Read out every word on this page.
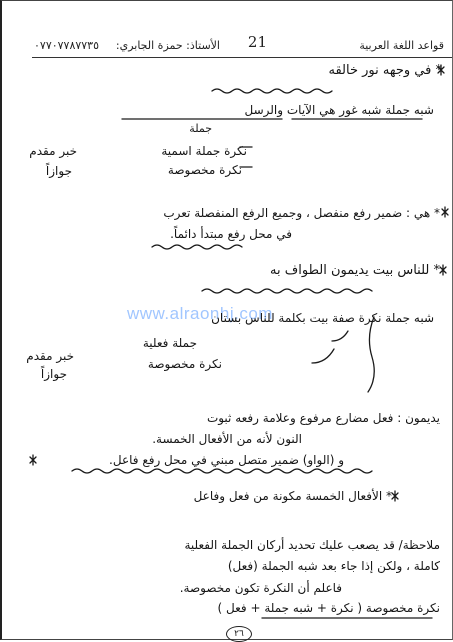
قواعد اللغة العربية
21
الأستاذ: حمزة الجابري:
٠٧٧٠٧٧٨٧٧٣٥
* في وجهه نور خالقه
شبه جملة شبه غور هي الآيات والرسل
جملة
خبر مقدم	نكرة جملة اسمية
جوازاً	نكرة مخصوصة
* هي : ضمير رفع منفصل ، وجميع الرفع المنفصلة تعرب
في محل رفع مبتدأ دائماً.
* للناس بيت يديمون الطواف به
www.alraonhj.com
شبه جملة نكرة صفة بيت بكلمة للناس بستان
جملة فعلية
خبر مقدم
نكرة مخصوصة
جوازاً
يديمون : فعل مضارع مرفوع وعلامة رفعه ثبوت
النون لأنه من الأفعال الخمسة.
و (الواو) ضمير متصل مبني في محل رفع فاعل.
* الأفعال الخمسة مكونة من فعل وفاعل
ملاحظة/ قد يصعب عليك تحديد أركان الجملة الفعلية
كاملة ، ولكن إذا جاء بعد شبه الجملة (فعل)
فاعلم أن النكرة تكون مخصوصة.
نكرة مخصوصة ( نكرة + شبه جملة + فعل )
٢٦
